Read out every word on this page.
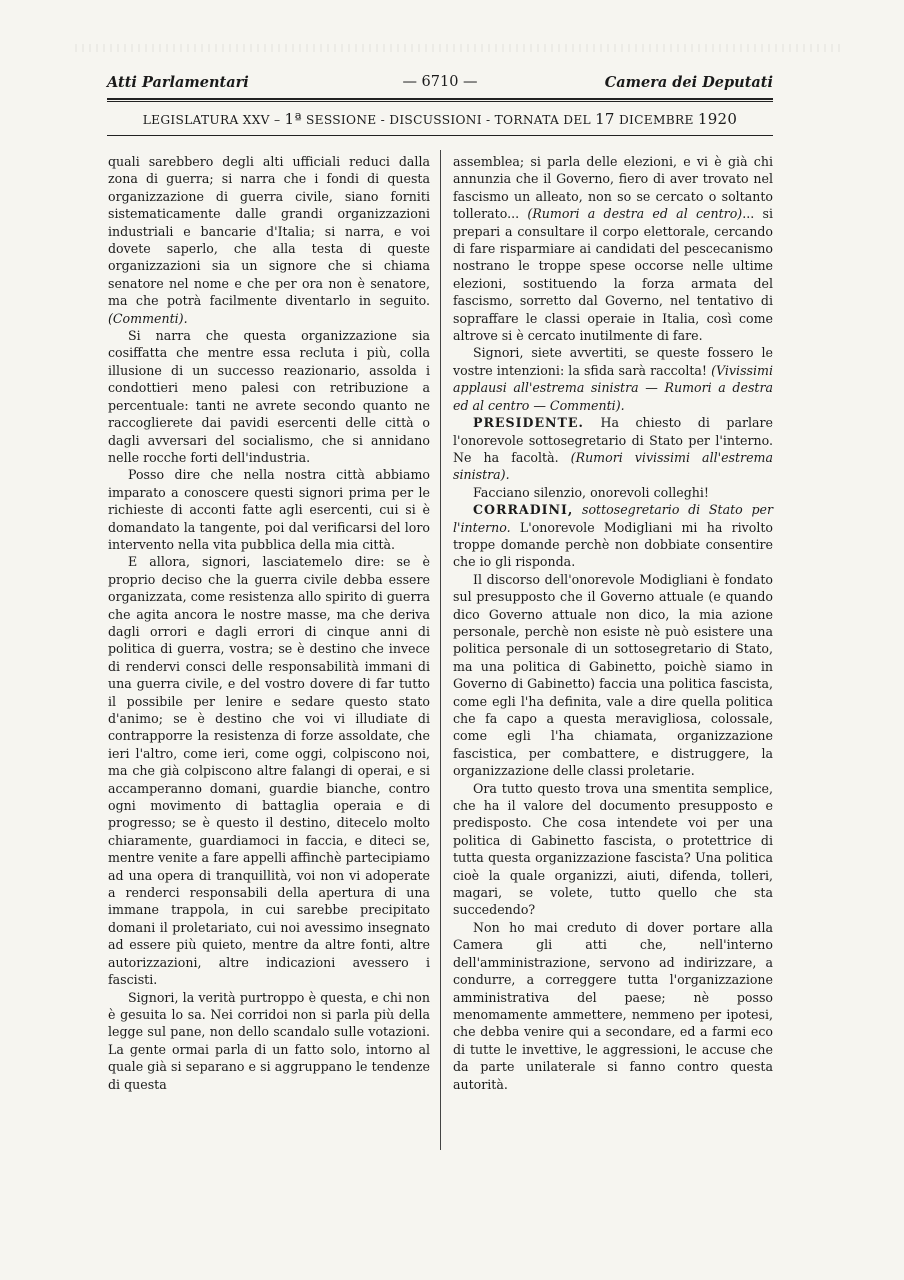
Atti Parlamentari	— 6710 —	Camera dei Deputati
LEGISLATURA XXV – 1ª SESSIONE - DISCUSSIONI - TORNATA DEL 17 DICEMBRE 1920

quali sarebbero degli alti ufficiali reduci dalla zona di guerra; si narra che i fondi di questa organizzazione di guerra civile, siano forniti sistematicamente dalle grandi organizzazioni industriali e bancarie d'Italia; si narra, e voi dovete saperlo, che alla testa di queste organizzazioni sia un signore che si chiama senatore nel nome e che per ora non è senatore, ma che potrà facilmente diventarlo in seguito. (Commenti).

Si narra che questa organizzazione sia cosiffatta che mentre essa recluta i più, colla illusione di un successo reazionario, assolda i condottieri meno palesi con retribuzione a percentuale: tanti ne avrete secondo quanto ne raccoglierete dai pavidi esercenti delle città o dagli avversari del socialismo, che si annidano nelle rocche forti dell'industria.

Posso dire che nella nostra città abbiamo imparato a conoscere questi signori prima per le richieste di acconti fatte agli esercenti, cui si è domandato la tangente, poi dal verificarsi del loro intervento nella vita pubblica della mia città.

E allora, signori, lasciatemelo dire: se è proprio deciso che la guerra civile debba essere organizzata, come resistenza allo spirito di guerra che agita ancora le nostre masse, ma che deriva dagli orrori e dagli errori di cinque anni di politica di guerra, vostra; se è destino che invece di rendervi consci delle responsabilità immani di una guerra civile, e del vostro dovere di far tutto il possibile per lenire e sedare questo stato d'animo; se è destino che voi vi illudiate di contrapporre la resistenza di forze assoldate, che ieri l'altro, come ieri, come oggi, colpiscono noi, ma che già colpiscono altre falangi di operai, e si accamperanno domani, guardie bianche, contro ogni movimento di battaglia operaia e di progresso; se è questo il destino, ditecelo molto chiaramente, guardiamoci in faccia, e diteci se, mentre venite a fare appelli affinchè partecipiamo ad una opera di tranquillità, voi non vi adoperate a renderci responsabili della apertura di una immane trappola, in cui sarebbe precipitato domani il proletariato, cui noi avessimo insegnato ad essere più quieto, mentre da altre fonti, altre autorizzazioni, altre indicazioni avessero i fascisti.

Signori, la verità purtroppo è questa, e chi non è gesuita lo sa. Nei corridoi non si parla più della legge sul pane, non dello scandalo sulle votazioni. La gente ormai parla di un fatto solo, intorno al quale già si separano e si aggruppano le tendenze di questa

assemblea; si parla delle elezioni, e vi è già chi annunzia che il Governo, fiero di aver trovato nel fascismo un alleato, non so se cercato o soltanto tollerato... (Rumori a destra ed al centro)... si prepari a consultare il corpo elettorale, cercando di fare risparmiare ai candidati del pescecanismo nostrano le troppe spese occorse nelle ultime elezioni, sostituendo la forza armata del fascismo, sorretto dal Governo, nel tentativo di sopraffare le classi operaie in Italia, così come altrove si è cercato inutilmente di fare.

Signori, siete avvertiti, se queste fossero le vostre intenzioni: la sfida sarà raccolta! (Vivissimi applausi all'estrema sinistra — Rumori a destra ed al centro — Commenti).

PRESIDENTE. Ha chiesto di parlare l'onorevole sottosegretario di Stato per l'interno. Ne ha facoltà. (Rumori vivissimi all'estrema sinistra).

Facciano silenzio, onorevoli colleghi!

CORRADINI, sottosegretario di Stato per l'interno. L'onorevole Modigliani mi ha rivolto troppe domande perchè non dobbiate consentire che io gli risponda.

Il discorso dell'onorevole Modigliani è fondato sul presupposto che il Governo attuale (e quando dico Governo attuale non dico, la mia azione personale, perchè non esiste nè può esistere una politica personale di un sottosegretario di Stato, ma una politica di Gabinetto, poichè siamo in Governo di Gabinetto) faccia una politica fascista, come egli l'ha definita, vale a dire quella politica che fa capo a questa meravigliosa, colossale, come egli l'ha chiamata, organizzazione fascistica, per combattere, e distruggere, la organizzazione delle classi proletarie.

Ora tutto questo trova una smentita semplice, che ha il valore del documento presupposto e predisposto. Che cosa intendete voi per una politica di Gabinetto fascista, o protettrice di tutta questa organizzazione fascista? Una politica cioè la quale organizzi, aiuti, difenda, tolleri, magari, se volete, tutto quello che sta succedendo?

Non ho mai creduto di dover portare alla Camera gli atti che, nell'interno dell'amministrazione, servono ad indirizzare, a condurre, a correggere tutta l'organizzazione amministrativa del paese; nè posso menomamente ammettere, nemmeno per ipotesi, che debba venire qui a secondare, ed a farmi eco di tutte le invettive, le aggressioni, le accuse che da parte unilaterale si fanno contro questa autorità.
